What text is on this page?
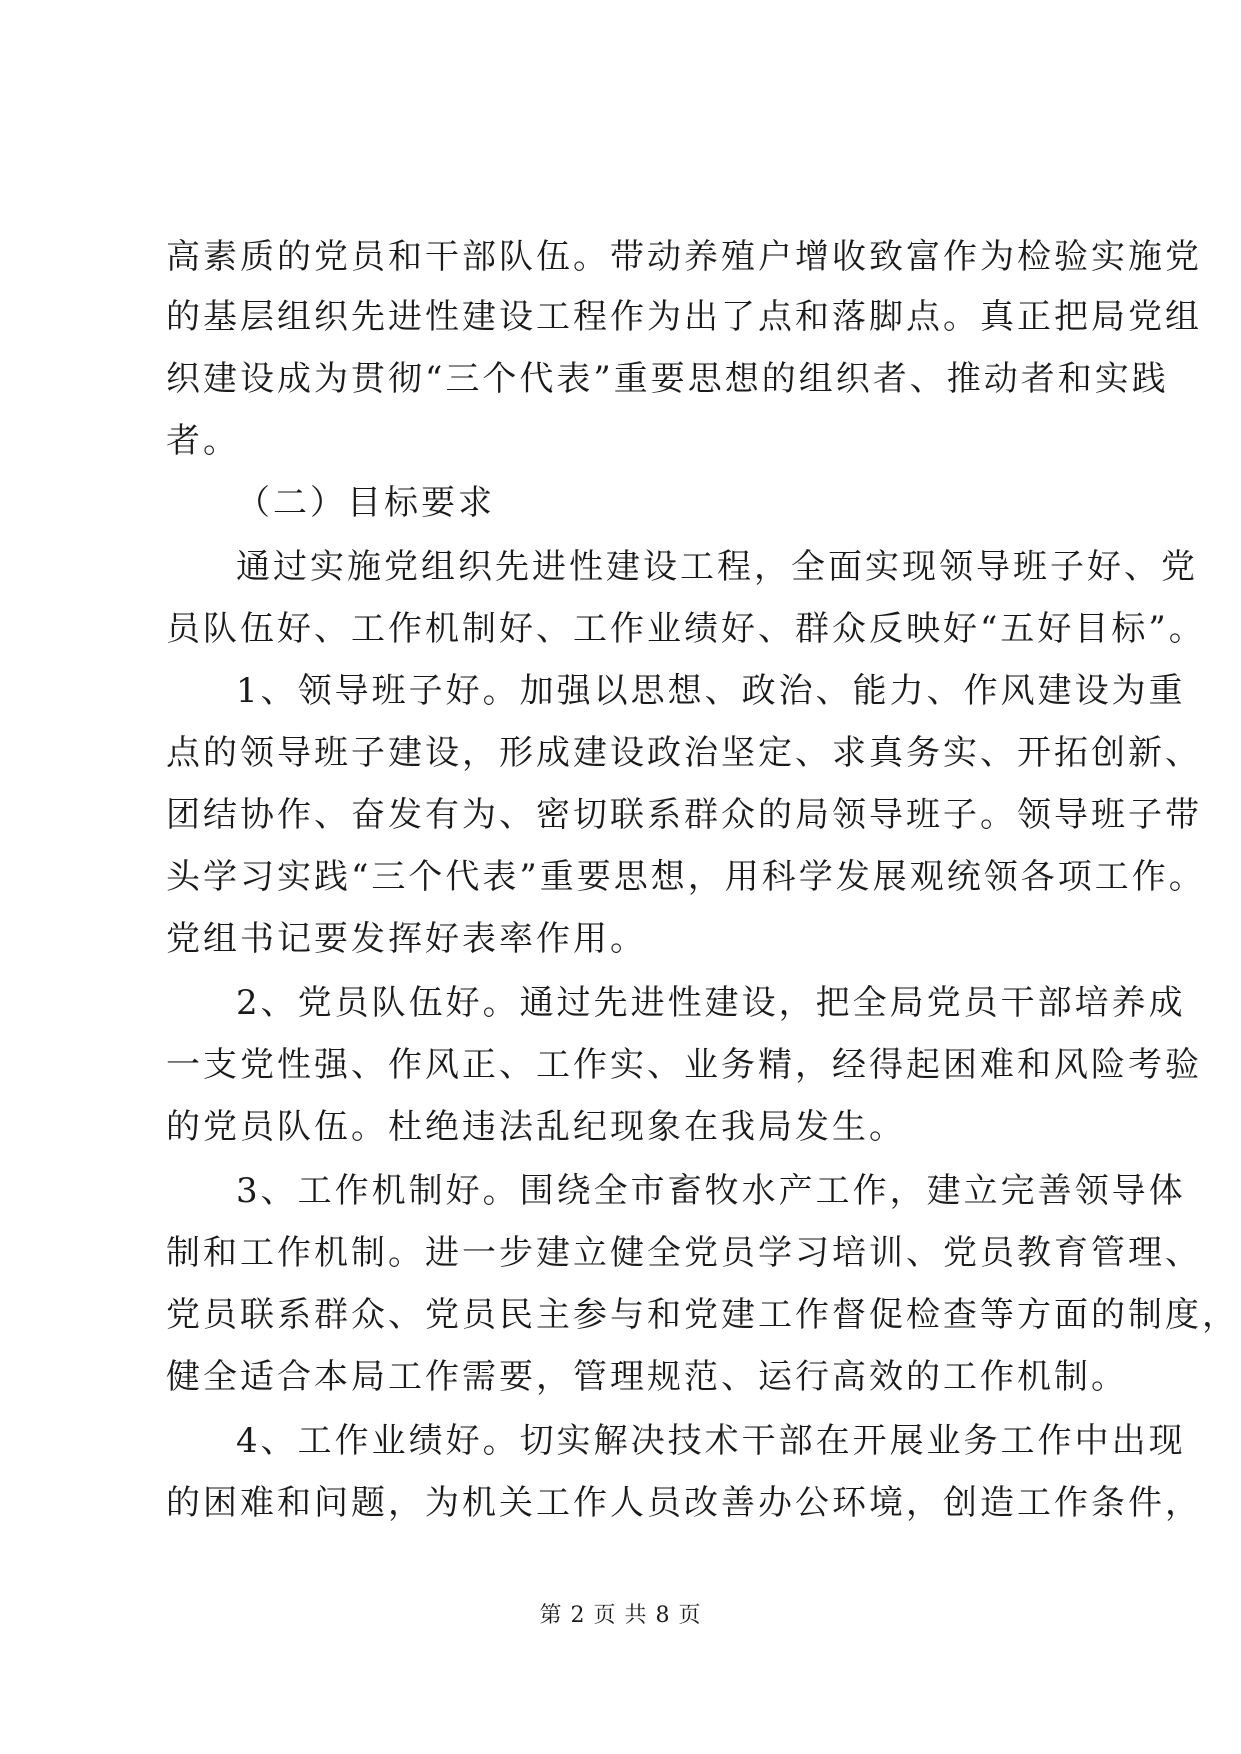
高素质的党员和干部队伍。带动养殖户增收致富作为检验实施党
的基层组织先进性建设工程作为出了点和落脚点。真正把局党组
织建设成为贯彻“三个代表”重要思想的组织者、推动者和实践
者。
（二）目标要求
通过实施党组织先进性建设工程，全面实现领导班子好、党
员队伍好、工作机制好、工作业绩好、群众反映好“五好目标”。
1、领导班子好。加强以思想、政治、能力、作风建设为重
点的领导班子建设，形成建设政治坚定、求真务实、开拓创新、
团结协作、奋发有为、密切联系群众的局领导班子。领导班子带
头学习实践“三个代表”重要思想，用科学发展观统领各项工作。
党组书记要发挥好表率作用。
2、党员队伍好。通过先进性建设，把全局党员干部培养成
一支党性强、作风正、工作实、业务精，经得起困难和风险考验
的党员队伍。杜绝违法乱纪现象在我局发生。
3、工作机制好。围绕全市畜牧水产工作，建立完善领导体
制和工作机制。进一步建立健全党员学习培训、党员教育管理、
党员联系群众、党员民主参与和党建工作督促检查等方面的制度，
健全适合本局工作需要，管理规范、运行高效的工作机制。
4、工作业绩好。切实解决技术干部在开展业务工作中出现
的困难和问题，为机关工作人员改善办公环境，创造工作条件，
第 2 页 共 8 页
